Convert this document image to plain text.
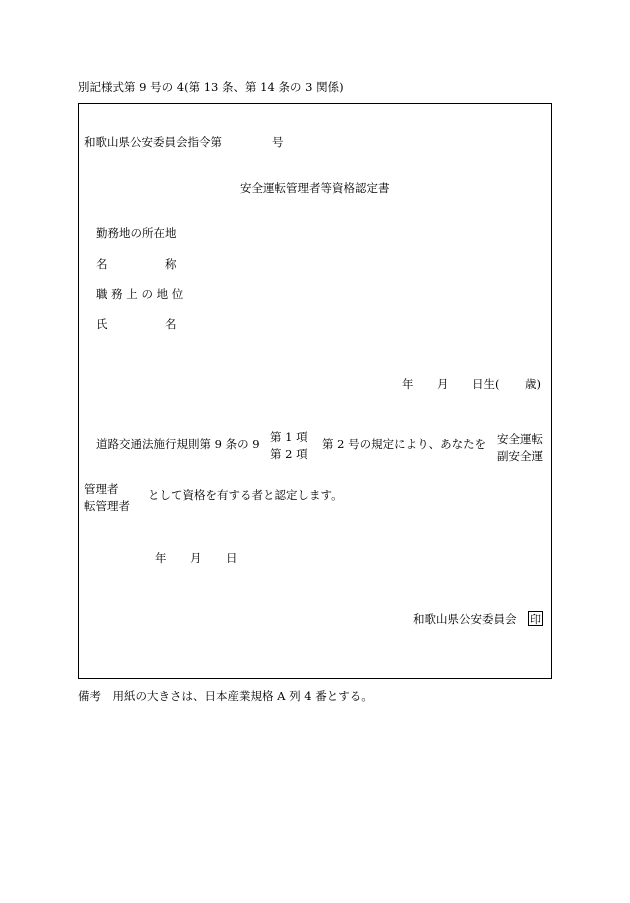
別記様式第 9 号の 4(第 13 条、第 14 条の 3 関係)
和歌山県公安委員会指令第	号
安全運転管理者等資格認定書
勤務地の所在地
名	称
職 務 上 の 地 位
氏	名
年 月 日生( 歳)
道路交通法施行規則第 9 条の 9 第 1 項
第 2 項
第 2 号の規定により、あなたを 安全運転
副安全運
管理者
転管理者
として資格を有する者と認定します。
年 月 日
和歌山県公安委員会 印
備考　用紙の大きさは、日本産業規格 A 列 4 番とする。
